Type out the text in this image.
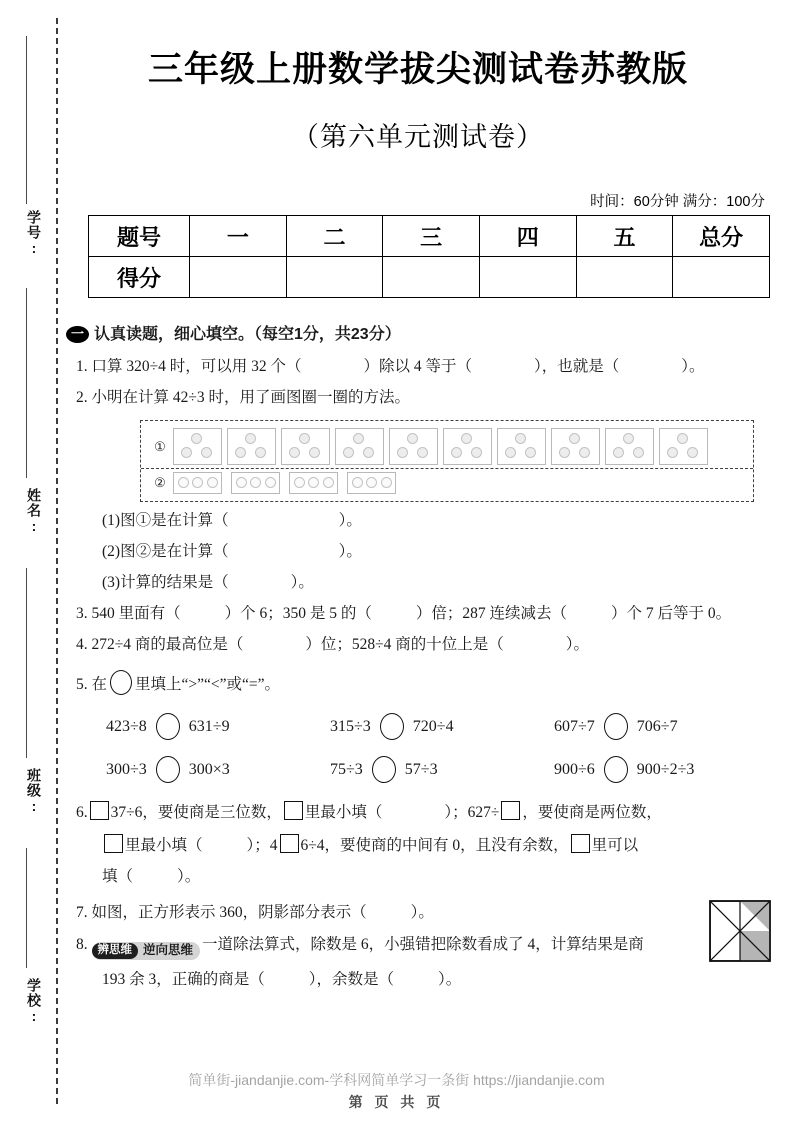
学号:
姓名:
班级:
学校:
三年级上册数学拔尖测试卷苏教版
（第六单元测试卷）
时间：60分钟 满分：100分
题号	一	二	三	四	五	总分
得分						
一 认真读题，细心填空。（每空1分，共23分）
1. 口算 320÷4 时，可以用 32 个（	）除以 4 等于（	），也就是（	）。
2. 小明在计算 42÷3 时，用了画图圈一圈的方法。
①
②
(1)图①是在计算（	）。
(2)图②是在计算（	）。
(3)计算的结果是（	）。
3. 540 里面有（	）个 6；350 是 5 的（	）倍；287 连续减去（	）个 7 后等于 0。
4. 272÷4 商的最高位是（	）位；528÷4 商的十位上是（	）。
5. 在 里填上“>”“<”或“=”。
423÷8	631÷9	315÷3	720÷4	607÷7	706÷7
300÷3	300×3	75÷3	57÷3	900÷6	900÷2÷3
6. 37÷6，要使商是三位数， 里最小填（	）；627÷ ，要使商是两位数，
里最小填（	）；4 6÷4，要使商的中间有 0，且没有余数， 里可以
填（	）。
7. 如图，正方形表示 360，阴影部分表示（	）。
8. 辨思维 逆向思维 一道除法算式，除数是 6，小强错把除数看成了 4，计算结果是商
193 余 3，正确的商是（	），余数是（	）。
简单街-jiandanjie.com-学科网简单学习一条街 https://jiandanjie.com
第 页 共 页
